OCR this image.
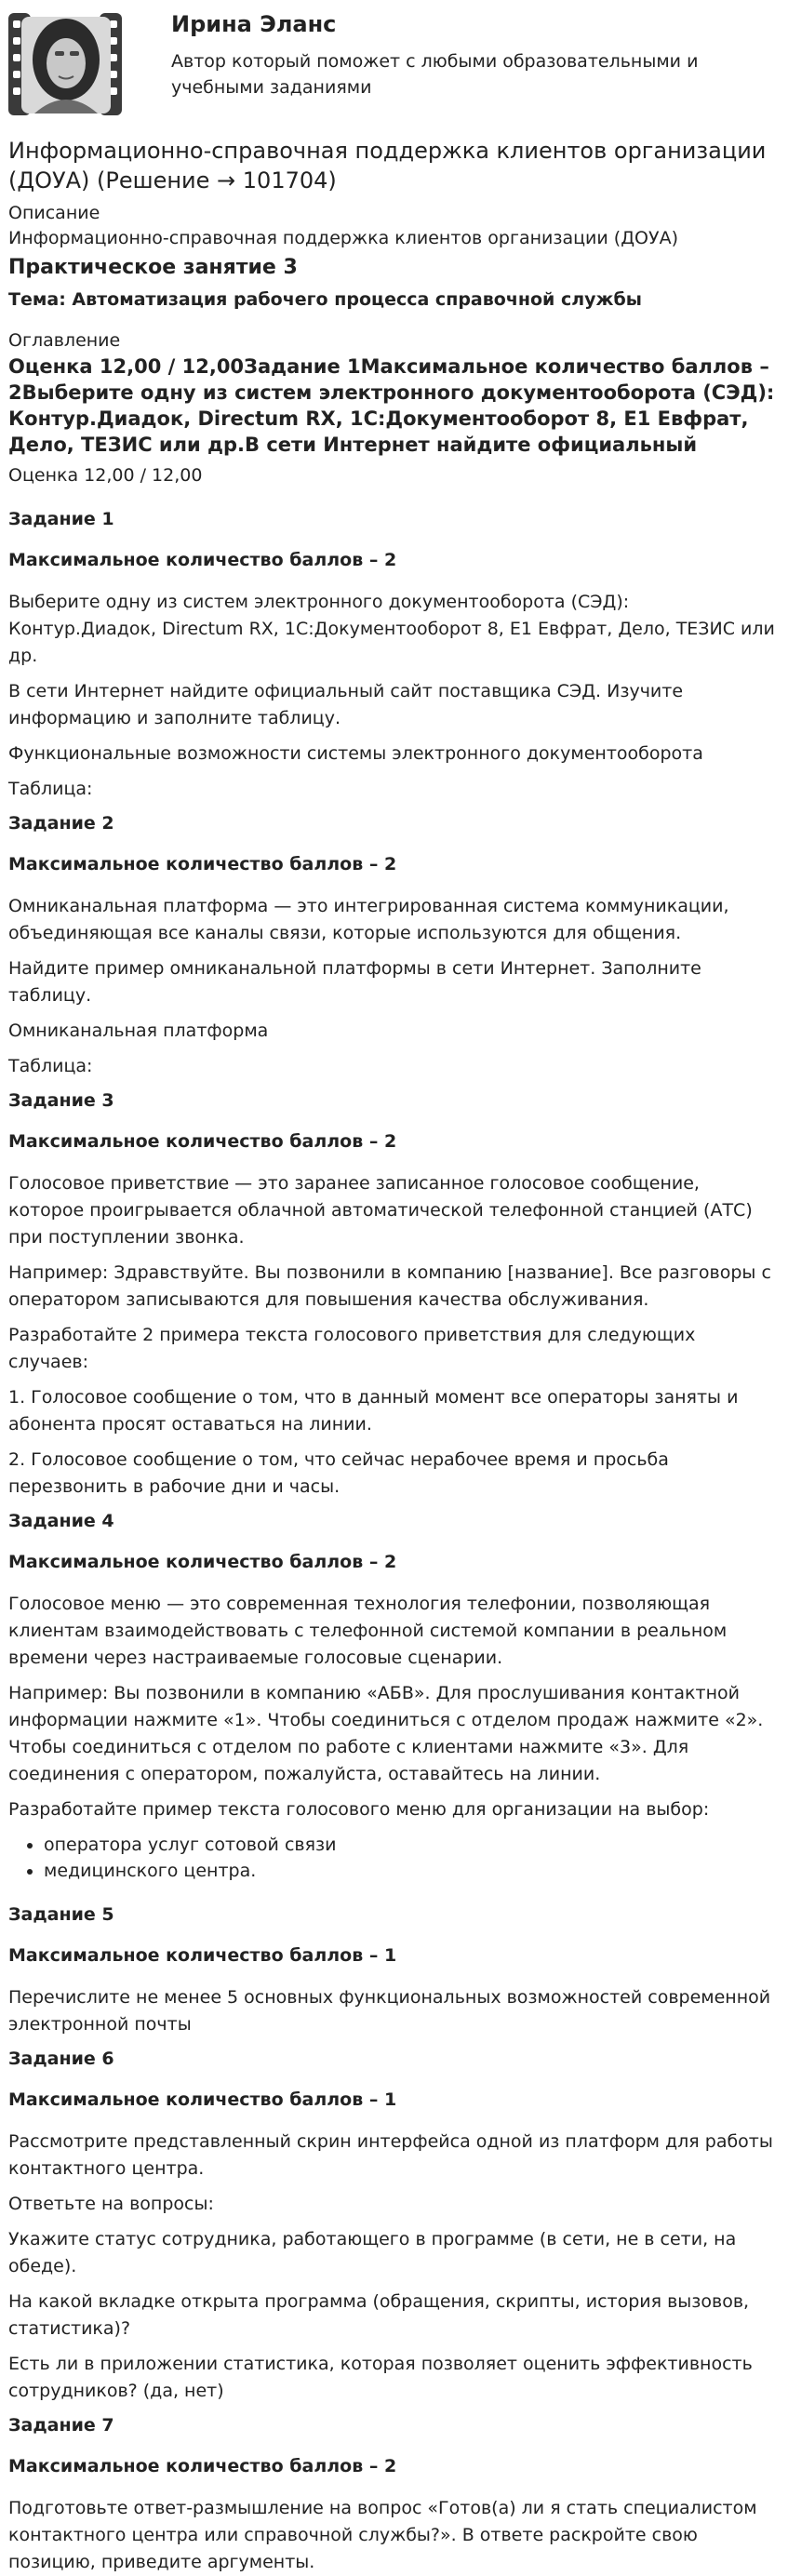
Ирина Эланс
Автор который поможет с любыми образовательными и учебными заданиями
Информационно-справочная поддержка клиентов организации (ДОУА) (Решение → 101704)
Описание
Информационно-справочная поддержка клиентов организации (ДОУА)
Практическое занятие 3
Тема: Автоматизация рабочего процесса справочной службы
Оглавление
Оценка 12,00 / 12,00Задание 1Максимальное количество баллов – 2Выберите одну из систем электронного документооборота (СЭД): Контур.Диадок, Directum RX, 1С:Документооборот 8, Е1 Евфрат, Дело, ТЕЗИС или др.В сети Интернет найдите официальный
Оценка 12,00 / 12,00
Задание 1
Максимальное количество баллов – 2

Выберите одну из систем электронного документооборота (СЭД): Контур.Диадок, Directum RX, 1С:Документооборот 8, Е1 Евфрат, Дело, ТЕЗИС или др.

В сети Интернет найдите официальный сайт поставщика СЭД. Изучите информацию и заполните таблицу.

Функциональные возможности системы электронного документооборота

Таблица:

Задание 2
Максимальное количество баллов – 2

Омниканальная платформа — это интегрированная система коммуникации, объединяющая все каналы связи, которые используются для общения.

Найдите пример омниканальной платформы в сети Интернет. Заполните таблицу.

Омниканальная платформа

Таблица:

Задание 3
Максимальное количество баллов – 2

Голосовое приветствие — это заранее записанное голосовое сообщение, которое проигрывается облачной автоматической телефонной станцией (АТС) при поступлении звонка.

Например: Здравствуйте. Вы позвонили в компанию [название]. Все разговоры с оператором записываются для повышения качества обслуживания.

Разработайте 2 примера текста голосового приветствия для следующих случаев:

1. Голосовое сообщение о том, что в данный момент все операторы заняты и абонента просят оставаться на линии.

2. Голосовое сообщение о том, что сейчас нерабочее время и просьба перезвонить в рабочие дни и часы.

Задание 4
Максимальное количество баллов – 2

Голосовое меню — это современная технология телефонии, позволяющая клиентам взаимодействовать с телефонной системой компании в реальном времени через настраиваемые голосовые сценарии.

Например: Вы позвонили в компанию «АБВ». Для прослушивания контактной информации нажмите «1». Чтобы соединиться с отделом продаж нажмите «2». Чтобы соединиться с отделом по работе с клиентами нажмите «3». Для соединения с оператором, пожалуйста, оставайтесь на линии.

Разработайте пример текста голосового меню для организации на выбор:

• оператора услуг сотовой связи
• медицинского центра.
Задание 5
Максимальное количество баллов – 1

Перечислите не менее 5 основных функциональных возможностей современной электронной почты

Задание 6
Максимальное количество баллов – 1

Рассмотрите представленный скрин интерфейса одной из платформ для работы контактного центра.

Ответьте на вопросы:

Укажите статус сотрудника, работающего в программе (в сети, не в сети, на обеде).

На какой вкладке открыта программа (обращения, скрипты, история вызовов, статистика)?

Есть ли в приложении статистика, которая позволяет оценить эффективность сотрудников? (да, нет)

Задание 7
Максимальное количество баллов – 2

Подготовьте ответ-размышление на вопрос «Готов(а) ли я стать специалистом контактного центра или справочной службы?». В ответе раскройте свою позицию, приведите аргументы.
